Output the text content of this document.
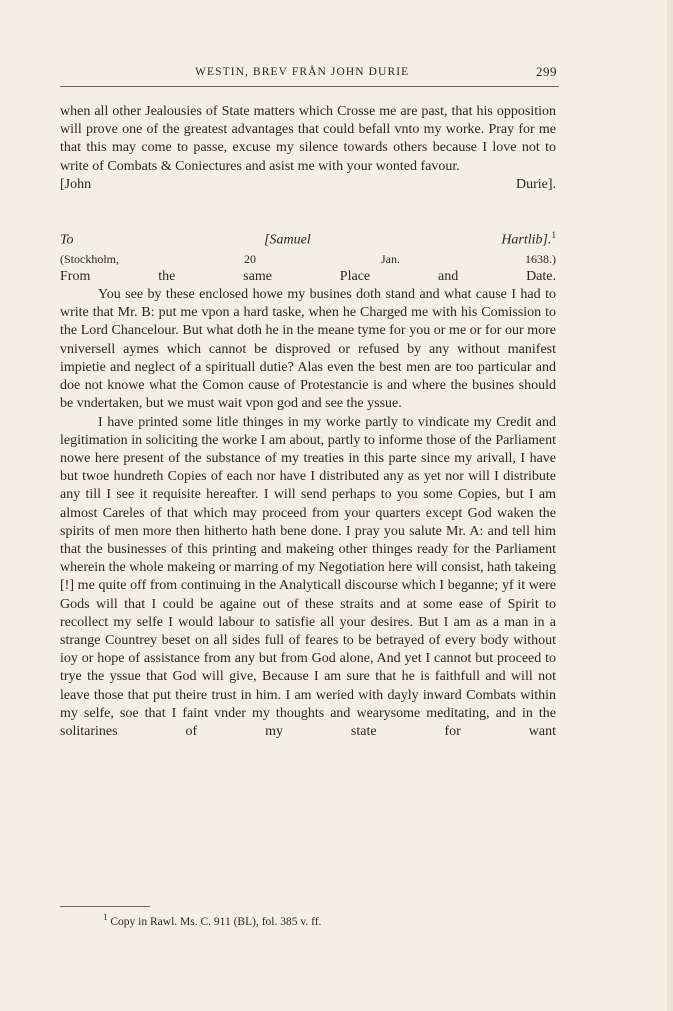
WESTIN, BREV FRÅN JOHN DURIE	299

when all other Jealousies of State matters which Crosse me are past, that his opposition will prove one of the greatest advantages that could befall vnto my worke. Pray for me that this may come to passe, excuse my silence towards others because I love not to write of Combats & Coniectures and asist me with your wonted favour.

[John Durie].

To [Samuel Hartlib].$^1$

(Stockholm, 20 Jan. 1638.)

From the same Place and Date.

You see by these enclosed howe my busines doth stand and what cause I had to write that Mr. B: put me vpon a hard taske, when he Charged me with his Comission to the Lord Chancelour. But what doth he in the meane tyme for you or me or for our more vniversell aymes which cannot be disproved or refused by any without manifest impietie and neglect of a spirituall dutie? Alas even the best men are too particular and doe not knowe what the Comon cause of Protestancie is and where the busines should be vndertaken, but we must wait vpon god and see the yssue.

I have printed some litle thinges in my worke partly to vindicate my Credit and legitimation in soliciting the worke I am about, partly to informe those of the Parliament nowe here present of the substance of my treaties in this parte since my arivall, I have but twoe hundreth Copies of each nor have I distributed any as yet nor will I distribute any till I see it requisite hereafter. I will send perhaps to you some Copies, but I am almost Careles of that which may proceed from your quarters except God waken the spirits of men more then hitherto hath bene done. I pray you salute Mr. A: and tell him that the businesses of this printing and makeing other thinges ready for the Parliament wherein the whole makeing or marring of my Negotiation here will consist, hath takeing [!] me quite off from continuing in the Analyticall discourse which I beganne; yf it were Gods will that I could be againe out of these straits and at some ease of Spirit to recollect my selfe I would labour to satisfie all your desires. But I am as a man in a strange Countrey beset on all sides full of feares to be betrayed of every body without ioy or hope of assistance from any but from God alone, And yet I cannot but proceed to trye the yssue that God will give, Because I am sure that he is faithfull and will not leave those that put theire trust in him. I am weried with dayly inward Combats within my selfe, soe that I faint vnder my thoughts and wearysome meditating, and in the solitarines of my state for want

$^1$ Copy in Rawl. Ms. C. 911 (BL), fol. 385 v. ff.
